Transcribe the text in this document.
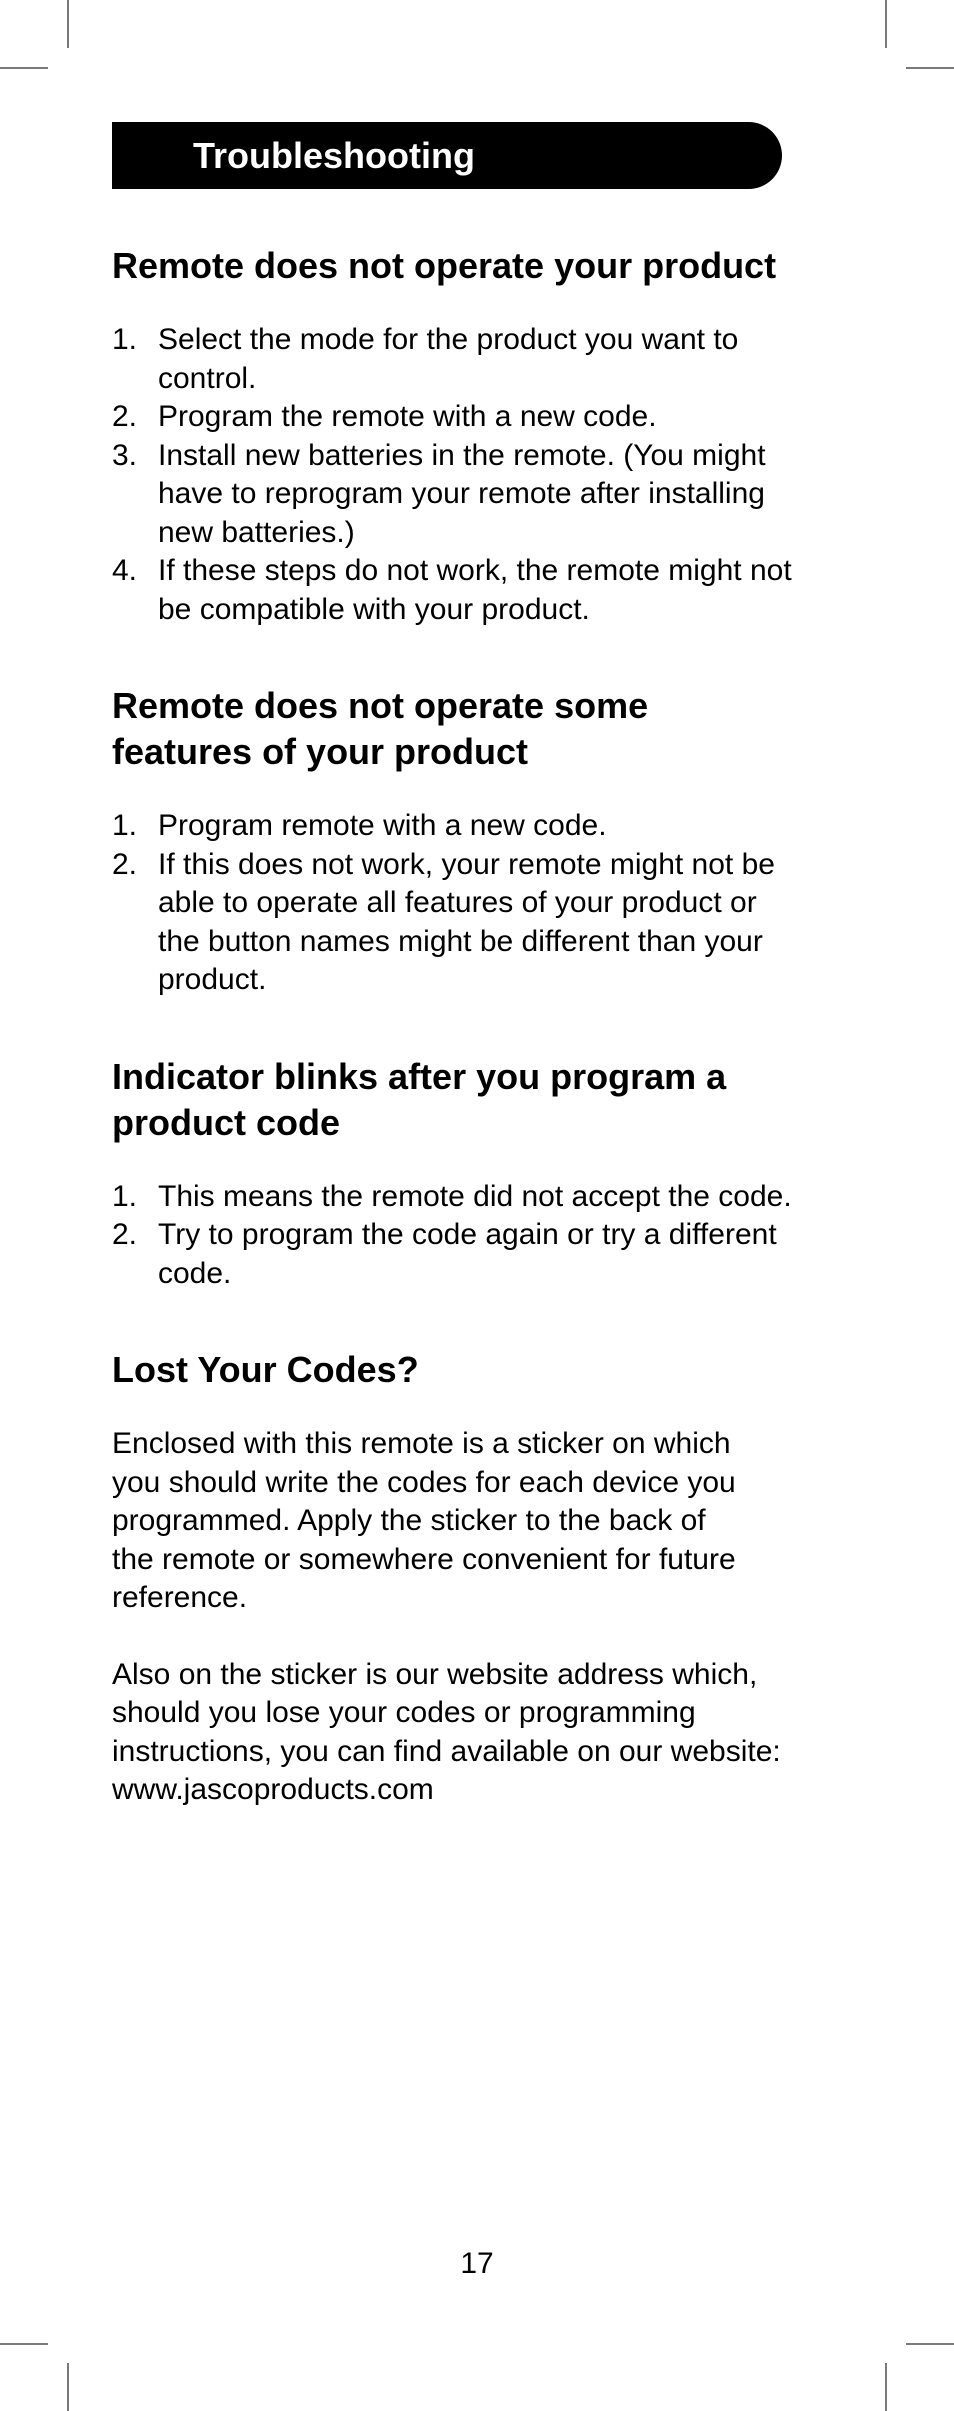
Troubleshooting
Remote does not operate your product
1. Select the mode for the product you want to
control.
2. Program the remote with a new code.
3. Install new batteries in the remote. (You might
have to reprogram your remote after installing
new batteries.)
4. If these steps do not work, the remote might not
be compatible with your product.
Remote does not operate some
features of your product
1. Program remote with a new code.
2. If this does not work, your remote might not be
able to operate all features of your product or
the button names might be different than your
product.
Indicator blinks after you program a
product code
1. This means the remote did not accept the code.
2. Try to program the code again or try a different
code.
Lost Your Codes?

Enclosed with this remote is a sticker on which
you should write the codes for each device you
programmed. Apply the sticker to the back of
the remote or somewhere convenient for future
reference.

Also on the sticker is our website address which,
should you lose your codes or programming
instructions, you can find available on our website:
www.jascoproducts.com

17
